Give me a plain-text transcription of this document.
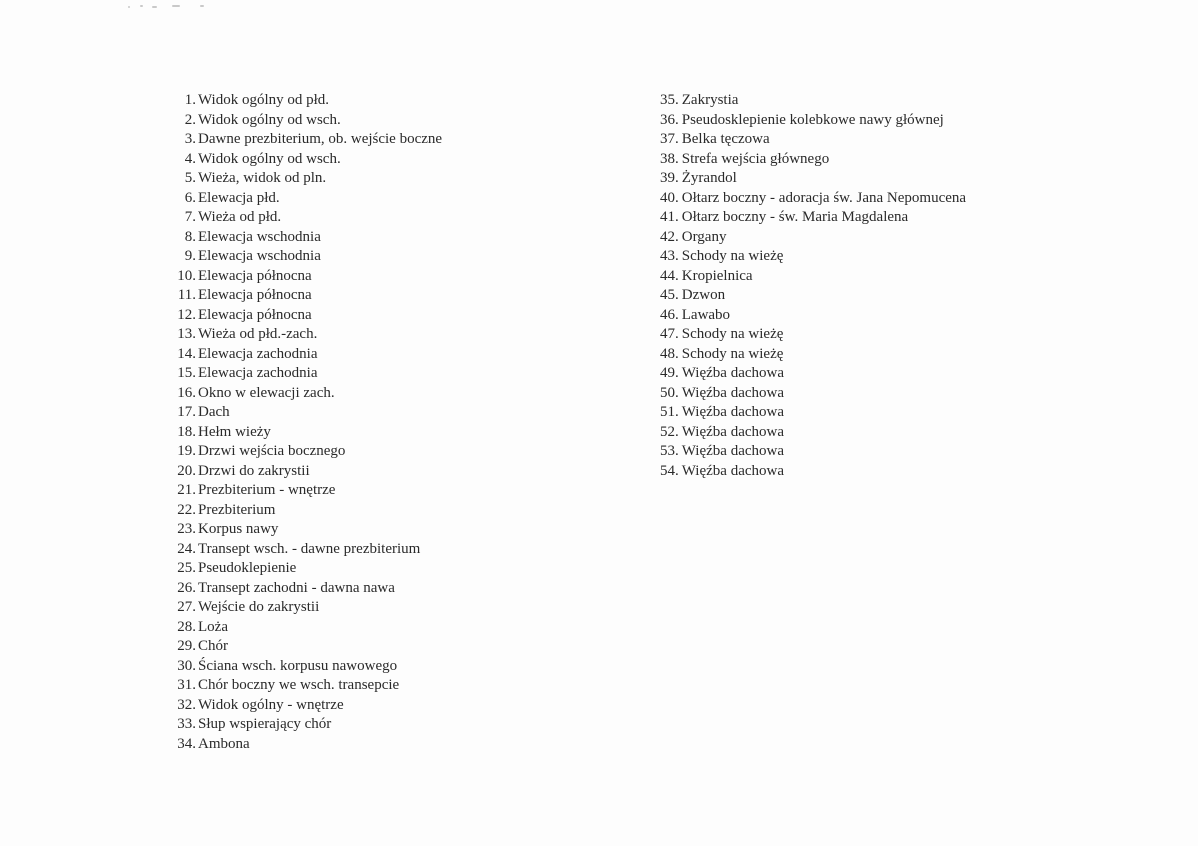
1. Widok ogólny od płd.
2. Widok ogólny od wsch.
3. Dawne prezbiterium, ob. wejście boczne
4. Widok ogólny od wsch.
5. Wieża, widok od pln.
6. Elewacja płd.
7. Wieża od płd.
8. Elewacja wschodnia
9. Elewacja wschodnia
10. Elewacja północna
11. Elewacja północna
12. Elewacja północna
13. Wieża od płd.-zach.
14. Elewacja zachodnia
15. Elewacja zachodnia
16. Okno w elewacji zach.
17. Dach
18. Hełm wieży
19. Drzwi wejścia bocznego
20. Drzwi do zakrystii
21. Prezbiterium - wnętrze
22. Prezbiterium
23. Korpus nawy
24. Transept wsch. - dawne prezbiterium
25. Pseudoklepienie
26. Transept zachodni - dawna nawa
27. Wejście do zakrystii
28. Loża
29. Chór
30. Ściana wsch. korpusu nawowego
31. Chór boczny we wsch. transepcie
32. Widok ogólny - wnętrze
33. Słup wspierający chór
34. Ambona
35. Zakrystia
36. Pseudosklepienie kolebkowe nawy głównej
37. Belka tęczowa
38. Strefa wejścia głównego
39. Żyrandol
40. Ołtarz boczny - adoracja św. Jana Nepomucena
41. Ołtarz boczny - św. Maria Magdalena
42. Organy
43. Schody na wieżę
44. Kropielnica
45. Dzwon
46. Lawabo
47. Schody na wieżę
48. Schody na wieżę
49. Więźba dachowa
50. Więźba dachowa
51. Więźba dachowa
52. Więźba dachowa
53. Więźba dachowa
54. Więźba dachowa
